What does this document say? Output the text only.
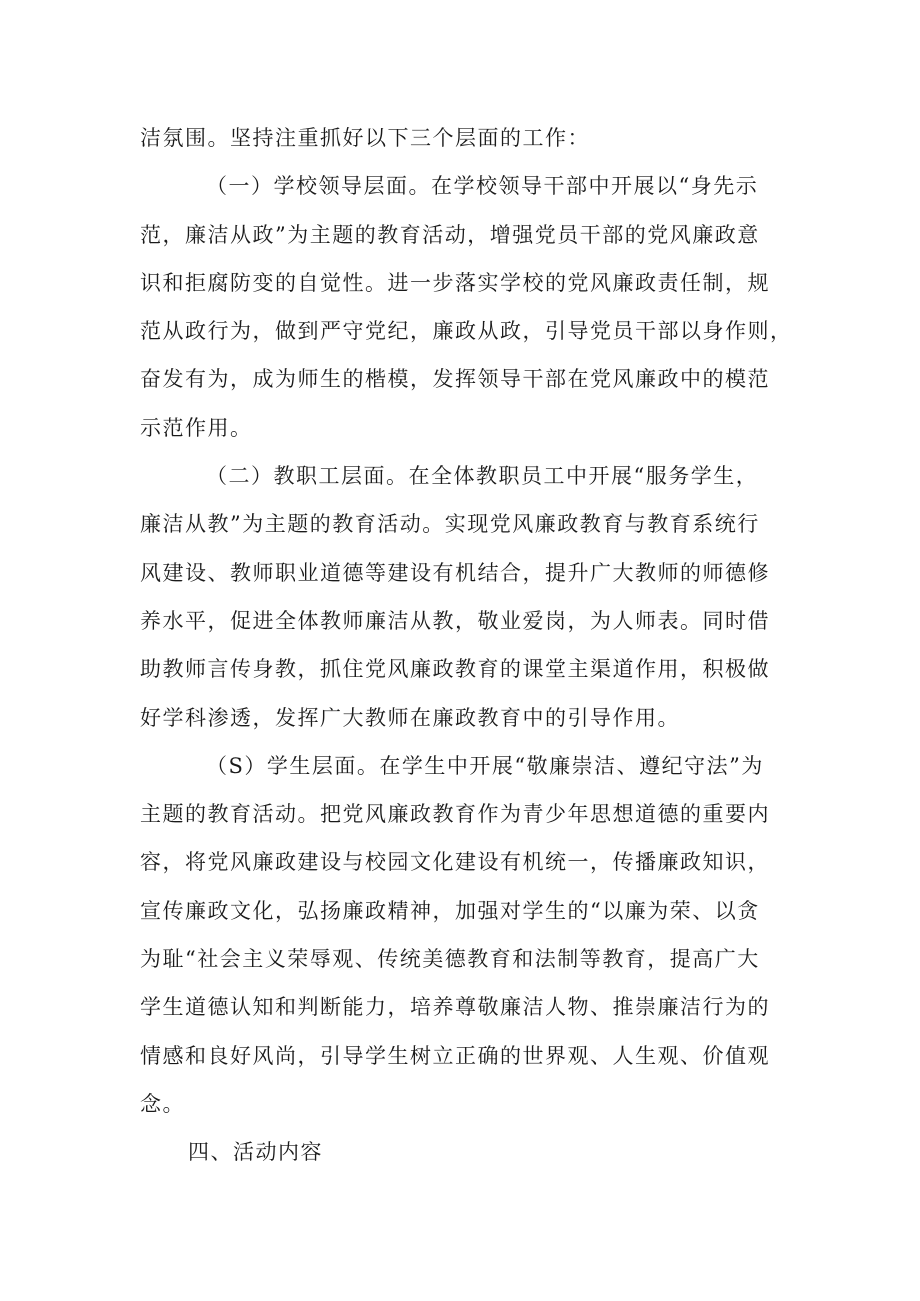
洁氛围。坚持注重抓好以下三个层面的工作：
（一）学校领导层面。在学校领导干部中开展以“身先示
范，廉洁从政”为主题的教育活动，增强党员干部的党风廉政意
识和拒腐防变的自觉性。进一步落实学校的党风廉政责任制，规
范从政行为，做到严守党纪，廉政从政，引导党员干部以身作则，
奋发有为，成为师生的楷模，发挥领导干部在党风廉政中的模范
示范作用。
（二）教职工层面。在全体教职员工中开展“服务学生，
廉洁从教”为主题的教育活动。实现党风廉政教育与教育系统行
风建设、教师职业道德等建设有机结合，提升广大教师的师德修
养水平，促进全体教师廉洁从教，敬业爱岗，为人师表。同时借
助教师言传身教，抓住党风廉政教育的课堂主渠道作用，积极做
好学科渗透，发挥广大教师在廉政教育中的引导作用。
（S）学生层面。在学生中开展“敬廉崇洁、遵纪守法”为
主题的教育活动。把党风廉政教育作为青少年思想道德的重要内
容，将党风廉政建设与校园文化建设有机统一，传播廉政知识，
宣传廉政文化，弘扬廉政精神，加强对学生的“以廉为荣、以贪
为耻“社会主义荣辱观、传统美德教育和法制等教育，提高广大
学生道德认知和判断能力，培养尊敬廉洁人物、推崇廉洁行为的
情感和良好风尚，引导学生树立正确的世界观、人生观、价值观
念。
四、活动内容
